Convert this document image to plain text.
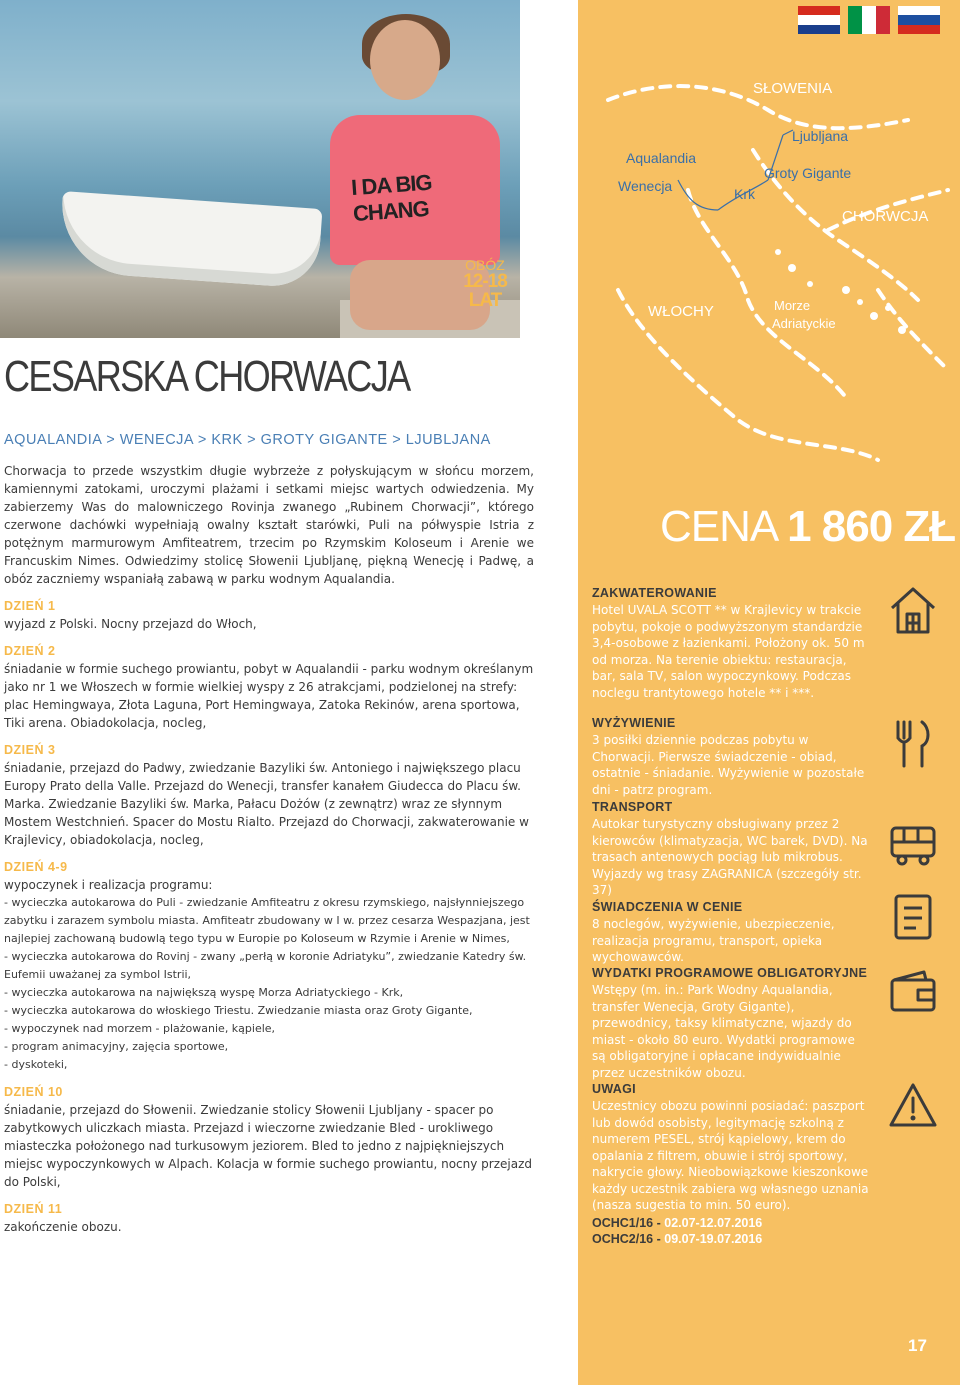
I DA BIG CHANG
OBÓZ
12-18 LAT
CESARSKA CHORWACJA
AQUALANDIA > WENECJA > KRK > GROTY GIGANTE > LJUBLJANA

Chorwacja to przede wszystkim długie wybrzeże z połyskującym w słońcu morzem, kamiennymi zatokami, uroczymi plażami i setkami miejsc wartych odwiedzenia. My zabierzemy Was do malowniczego Rovinja zwanego „Rubinem Chorwacji”, którego czerwone dachówki wypełniają owalny kształt starówki, Puli na półwyspie Istria z potężnym marmurowym Amfiteatrem, trzecim po Rzymskim Koloseum i Arenie we Francuskim Nimes. Odwiedzimy stolicę Słowenii Ljubljanę, piękną Wenecję i Padwę, a obóz zaczniemy wspaniałą zabawą w parku wodnym Aqualandia.

DZIEŃ 1

wyjazd z Polski. Nocny przejazd do Włoch,

DZIEŃ 2

śniadanie w formie suchego prowiantu, pobyt w Aqualandii - parku wodnym określanym jako nr 1 we Włoszech w formie wielkiej wyspy z 26 atrakcjami, podzielonej na strefy: plac Hemingwaya, Złota Laguna, Port Hemingwaya, Zatoka Rekinów, arena sportowa, Tiki arena. Obiadokolacja, nocleg,

DZIEŃ 3

śniadanie, przejazd do Padwy, zwiedzanie Bazyliki św. Antoniego i największego placu Europy Prato della Valle. Przejazd do Wenecji, transfer kanałem Giudecca do Placu św. Marka. Zwiedzanie Bazyliki św. Marka, Pałacu Dożów (z zewnątrz) wraz ze słynnym Mostem Westchnień. Spacer do Mostu Rialto. Przejazd do Chorwacji, zakwaterowanie w Krajlevicy, obiadokolacja, nocleg,

DZIEŃ 4-9

wypoczynek i realizacja programu:

- wycieczka autokarowa do Puli - zwiedzanie Amfiteatru z okresu rzymskiego, najsłynniejszego zabytku i zarazem symbolu miasta. Amfiteatr zbudowany w I w. przez cesarza Wespazjana, jest najlepiej zachowaną budowlą tego typu w Europie po Koloseum w Rzymie i Arenie w Nimes,

- wycieczka autokarowa do Rovinj - zwany „perłą w koronie Adriatyku”, zwiedzanie Katedry św. Eufemii uważanej za symbol Istrii,

- wycieczka autokarowa na największą wyspę Morza Adriatyckiego - Krk,

- wycieczka autokarowa do włoskiego Triestu. Zwiedzanie miasta oraz Groty Gigante,

- wypoczynek nad morzem - plażowanie, kąpiele,

- program animacyjny, zajęcia sportowe,

- dyskoteki,

DZIEŃ 10

śniadanie, przejazd do Słowenii. Zwiedzanie stolicy Słowenii Ljubljany - spacer po zabytkowych uliczkach miasta. Przejazd i wieczorne zwiedzanie Bled - urokliwego miasteczka położonego nad turkusowym jeziorem. Bled to jedno z najpiękniejszych miejsc wypoczynkowych w Alpach. Kolacja w formie suchego prowiantu, nocny przejazd do Polski,

DZIEŃ 11

zakończenie obozu.

SŁOWENIA
Ljubljana
Aqualandia
Wenecja
Groty Gigante
Krk
CHORWCJA
WŁOCHY	Morze
Adriatyckie
CENA 1 860 ZŁ
ZAKWATEROWANIE

Hotel UVALA SCOTT ** w Krajlevicy w trakcie pobytu, pokoje o podwyższonym standardzie 3,4-osobowe z łazienkami. Położony ok. 50 m od morza. Na terenie obiektu: restauracja, bar, sala TV, salon wypoczynkowy. Podczas noclegu trantytowego hotele ** i ***.

WYŻYWIENIE

3 posiłki dziennie podczas pobytu w Chorwacji. Pierwsze świadczenie - obiad, ostatnie - śniadanie. Wyżywienie w pozostałe dni - patrz program.

TRANSPORT

Autokar turystyczny obsługiwany przez 2 kierowców (klimatyzacja, WC barek, DVD). Na trasach antenowych pociąg lub mikrobus. Wyjazdy wg trasy ZAGRANICA (szczegóły str. 37)

ŚWIADCZENIA W CENIE

8 noclegów, wyżywienie, ubezpieczenie, realizacja programu, transport, opieka wychowawców.

WYDATKI PROGRAMOWE OBLIGATORYJNE

Wstępy (m. in.: Park Wodny Aqualandia, transfer Wenecja, Groty Gigante), przewodnicy, taksy klimatyczne, wjazdy do miast - około 80 euro. Wydatki programowe są obligatoryjne i opłacane indywidualnie przez uczestników obozu.

UWAGI

Uczestnicy obozu powinni posiadać: paszport lub dowód osobisty, legitymację szkolną z numerem PESEL, strój kąpielowy, krem do opalania z filtrem, obuwie i strój sportowy, nakrycie głowy. Nieobowiązkowe kieszonkowe każdy uczestnik zabiera wg własnego uznania (nasza sugestia to min. 50 euro).

OCHC1/16 - 02.07-12.07.2016
OCHC2/16 - 09.07-19.07.2016
17
